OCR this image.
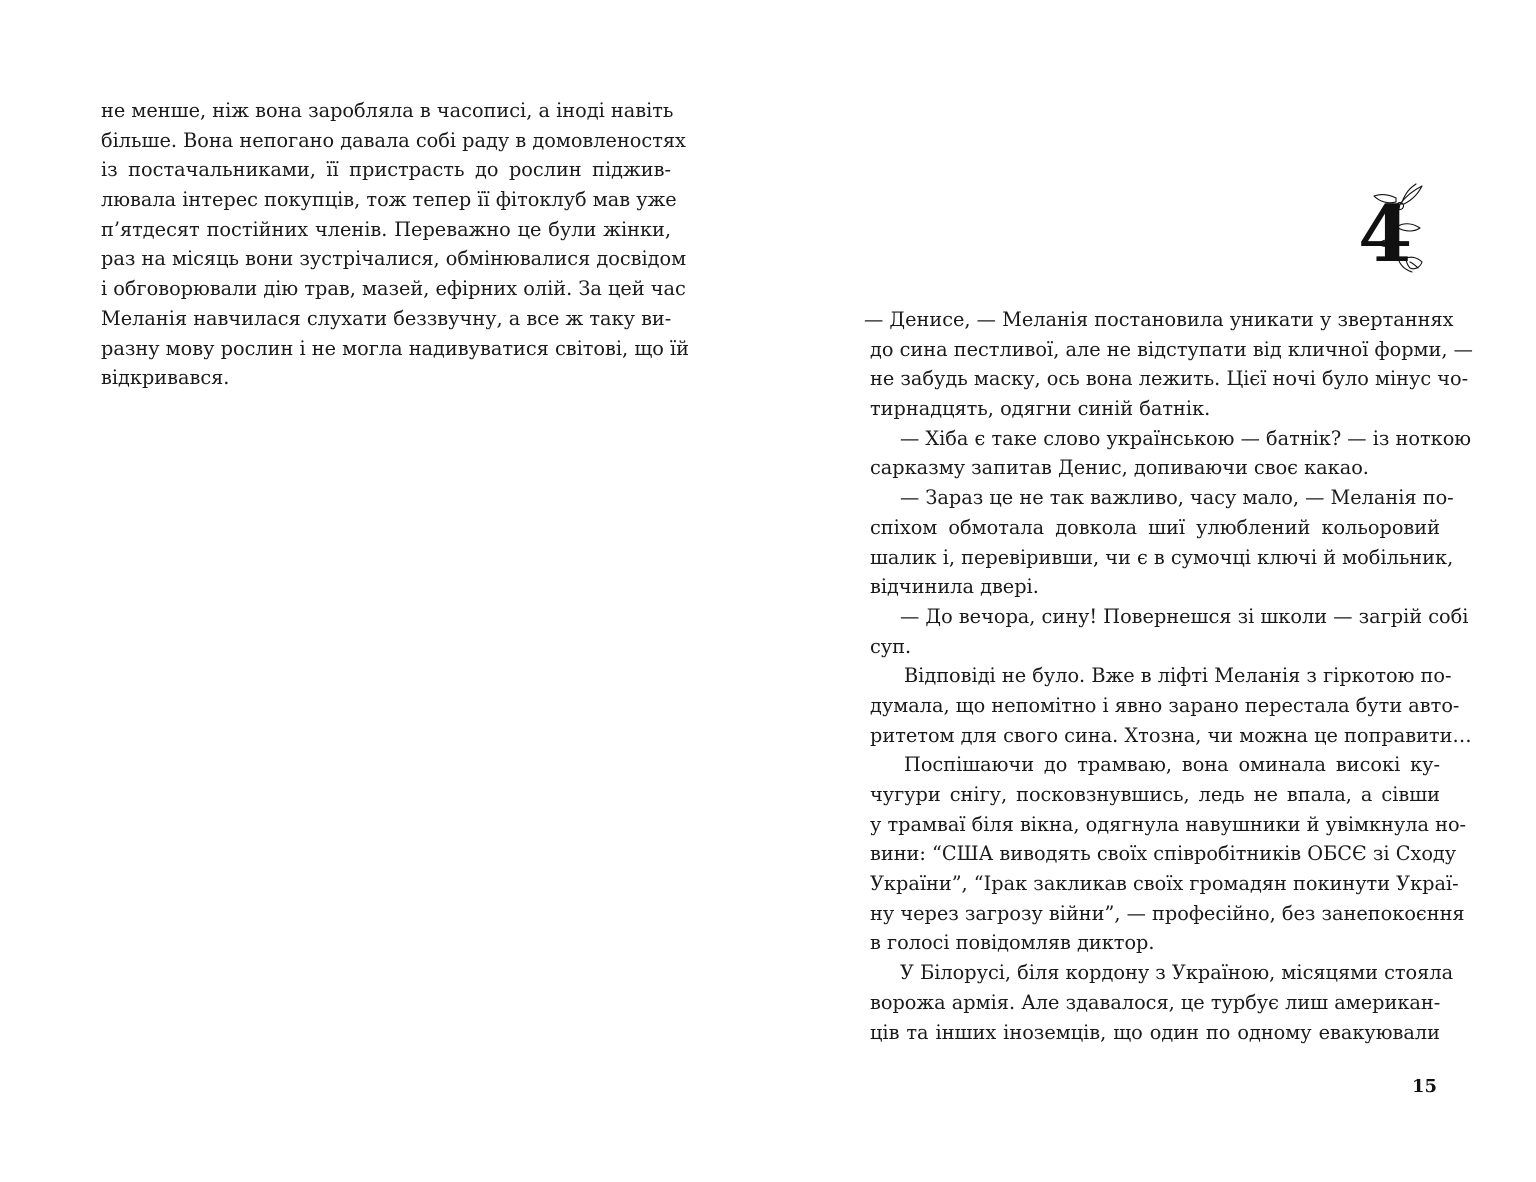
не менше, ніж вона заробляла в часописі, а іноді навіть
більше. Вона непогано давала собі раду в домовленостях
із постачальниками, її пристрасть до рослин піджив-
лювала інтерес покупців, тож тепер її фітоклуб мав уже
п’ятдесят постійних членів. Переважно це були жінки,
раз на місяць вони зустрічалися, обмінювалися досвідом
і обговорювали дію трав, мазей, ефірних олій. За цей час
Меланія навчилася слухати беззвучну, а все ж таку ви-
разну мову рослин і не могла надивуватися світові, що їй
відкривався.
4
— Денисе, — Меланія постановила уникати у звертаннях
до сина пестливої, але не відступати від кличної форми, —
не забудь маску, ось вона лежить. Цієї ночі було мінус чо-
тирнадцять, одягни синій батнік.
— Хіба є таке слово українською — батнік? — із ноткою
сарказму запитав Денис, допиваючи своє какао.
— Зараз це не так важливо, часу мало, — Меланія по-
спіхом обмотала довкола шиї улюблений кольоровий
шалик і, перевіривши, чи є в сумочці ключі й мобільник,
відчинила двері.
— До вечора, сину! Повернешся зі школи — загрій собі
суп.
Відповіді не було. Вже в ліфті Меланія з гіркотою по-
думала, що непомітно і явно зарано перестала бути авто-
ритетом для свого сина. Хтозна, чи можна це поправити…
Поспішаючи до трамваю, вона оминала високі ку-
чугури снігу, посковзнувшись, ледь не впала, а сівши
у трамваї біля вікна, одягнула навушники й увімкнула но-
вини: “США виводять своїх співробітників ОБСЄ зі Сходу
України”, “Ірак закликав своїх громадян покинути Украї-
ну через загрозу війни”, — професійно, без занепокоєння
в голосі повідомляв диктор.
У Білорусі, біля кордону з Україною, місяцями стояла
ворожа армія. Але здавалося, це турбує лиш американ-
ців та інших іноземців, що один по одному евакуювали
15
